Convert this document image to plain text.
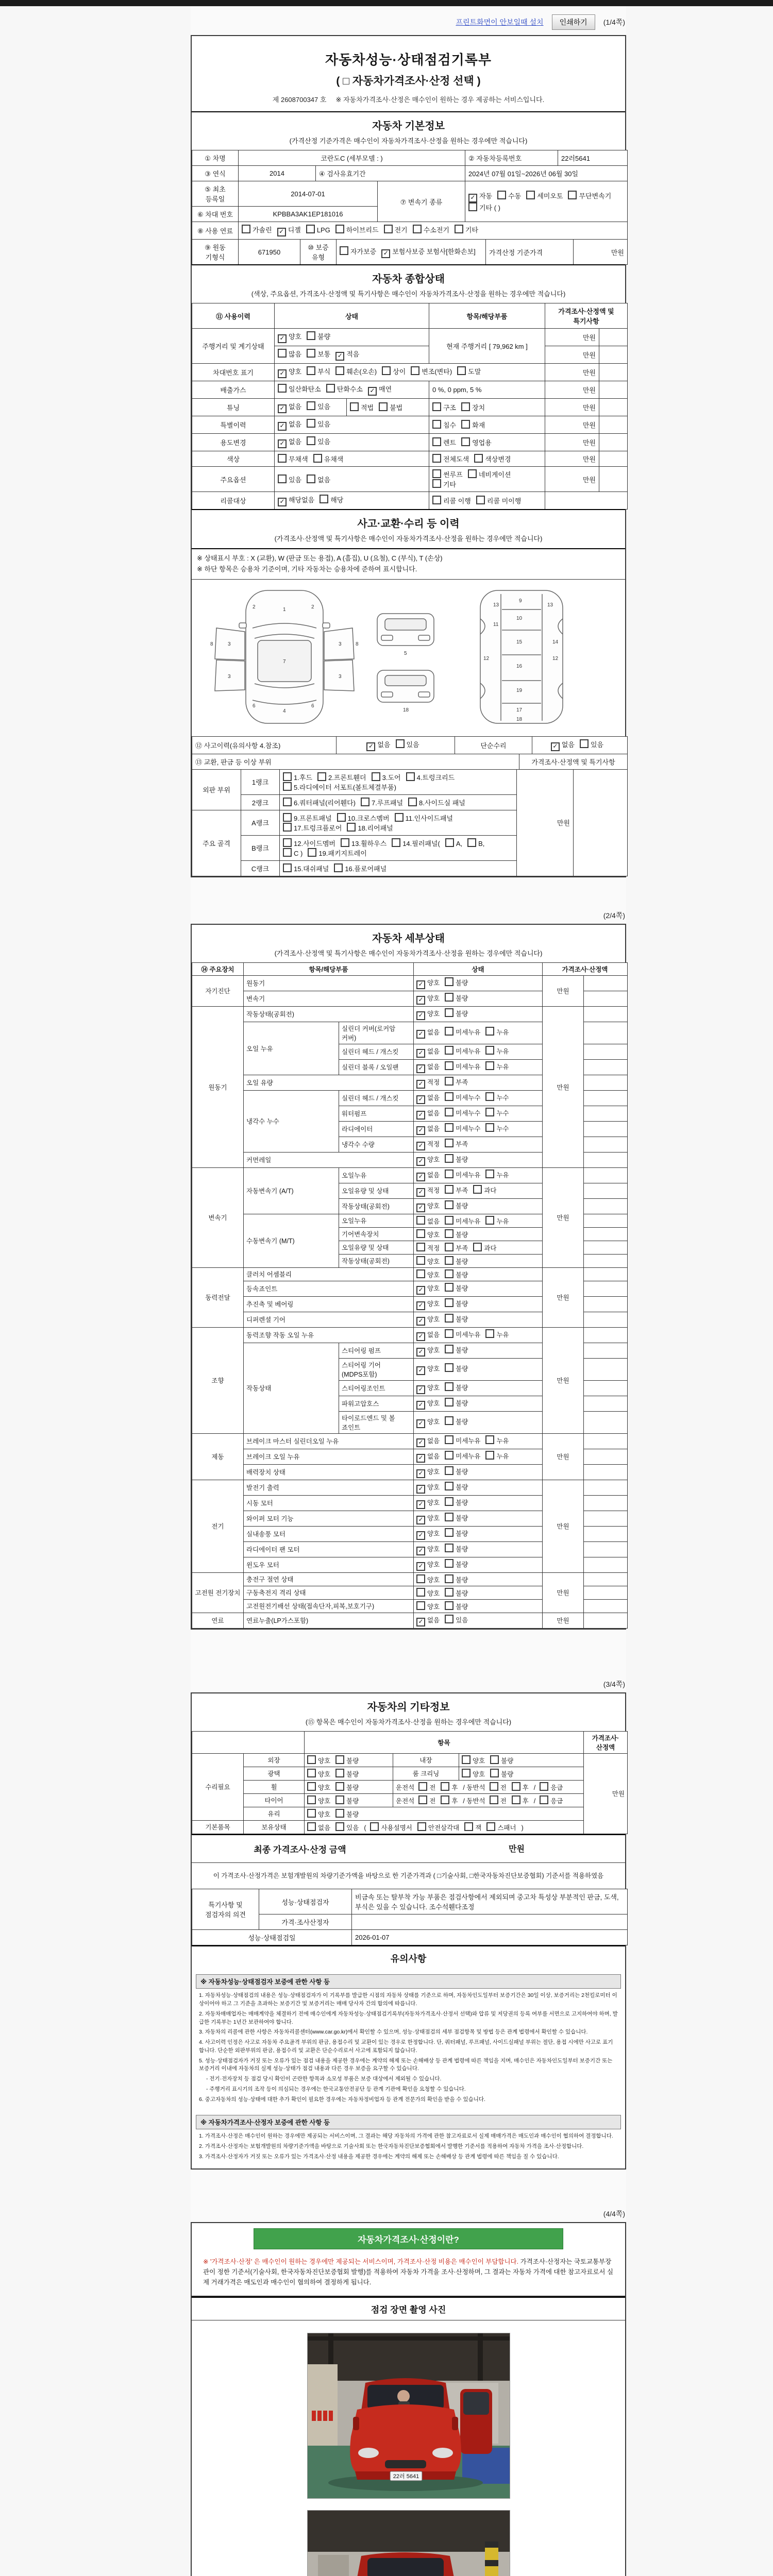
프린트화면이 안보일때 설치	인쇄하기	(1/4쪽)
자동차성능·상태점검기록부
( □ 자동차가격조사·산정 선택 )
제 2608700347 호 ※ 자동차가격조사·산정은 매수인이 원하는 경우 제공하는 서비스입니다.
자동차 기본정보
(가격산정 기준가격은 매수인이 자동차가격조사·산정을 원하는 경우에만 적습니다)
① 차명	코란도C (세부모델 : )	② 자동차등록번호	22러5641
③ 연식	2014	④ 검사유효기간	2024년 07월 01일~2026년 06월 30일
⑤ 최초 등록일	2014-07-01	⑦ 변속기 종류	✓ 자동 수동 세미오토 무단변속기기타 ( )
⑥ 차대 번호	KPBBA3AK1EP181016		
⑧ 사용 연료	가솔린 ✓ 디젤 LPG 하이브리드 전기 수소전기 기타
⑨ 원동 기형식	671950	⑩ 보증 유형	자가보증 ✓ 보험사보증 보험사[한화손보]	가격산정 기준가격	만원
자동차 종합상태
(색상, 주요옵션, 가격조사·산정액 및 특기사항은 매수인이 자동차가격조사·산정을 원하는 경우에만 적습니다)
⑪ 사용이력	상태		항목/해당부품	가격조사·산정액 및 특기사항	
주행거리 및 계기상태	✓ 양호 불량		현재 주행거리 [ 79,962 km ]	만원	
	많음 보통 ✓ 적음			만원	
차대번호 표기	✓ 양호 부식 훼손(오손) 상이 변조(변타) 도말			만원	
배출가스	일산화탄소 탄화수소 ✓ 매연		0 %, 0 ppm, 5 %	만원	
튜닝	✓ 없음 있음	적법 불법	구조 장치	만원	
특별이력	✓ 없음 있음		침수 화재	만원	
용도변경	✓ 없음 있음		렌트 영업용	만원	
색상	무채색 유채색		전체도색 색상변경	만원	
주요옵션	있음 없음		썬루프 네비게이션기타	만원	
리콜대상	✓ 해당없음 해당		리콜 이행 리콜 미이행		
사고·교환·수리 등 이력
(가격조사·산정액 및 특기사항은 매수인이 자동차가격조사·산정을 원하는 경우에만 적습니다)
※ 상태표시 부호 : X (교환), W (판금 또는 용접), A (흠집), U (요철), C (부식), T (손상)
※ 하단 항목은 승용차 기준이며, 기타 자동차는 승용차에 준하여 표시합니다.
1
7
4
2	2
3	3
3	3
6	6
8	8
5
18
9
10
11
12	12
13	13
15
16
14
19
17
18
⑫ 사고이력(유의사항 4.참조)	✓ 없음 있음	단순수리	✓ 없음 있음
⑬ 교환, 판금 등 이상 부위	가격조사·산정액 및 특기사항
외판 부위	1랭크	1.후드 2.프론트휀더 3.도어 4.트렁크리드5.라디에이터 서포트(볼트체결부품)	만원	
	2랭크	6.쿼터패널(리어휀다) 7.루프패널 8.사이드실 패널		
주요 골격	A랭크	9.프론트패널 10.크로스멤버 11.인사이드패널17.트렁크플로어 18.리어패널		
	B랭크	12.사이드멤버 13.휠하우스 14.필러패널( A, B,C ) 19.패키지트레이		
	C랭크	15.대쉬패널 16.플로어패널		
(2/4쪽)
자동차 세부상태
(가격조사·산정액 및 특기사항은 매수인이 자동차가격조사·산정을 원하는 경우에만 적습니다)
⑭ 주요장치	항목/해당부품		상태	가격조사·산정액	
자기진단	원동기		✓ 양호 불량	만원	
	변속기		✓ 양호 불량		
원동기	작동상태(공회전)		✓ 양호 불량	만원	
	오일 누유	실린더 커버(로커암 커버)	✓ 없음 미세누유 누유		
		실린더 헤드 / 개스킷	✓ 없음 미세누유 누유		
		실린더 블록 / 오일팬	✓ 없음 미세누유 누유		
	오일 유량		✓ 적정 부족		
	냉각수 누수	실린더 헤드 / 개스킷	✓ 없음 미세누수 누수		
		워터펌프	✓ 없음 미세누수 누수		
		라디에이터	✓ 없음 미세누수 누수		
		냉각수 수량	✓ 적정 부족		
	커먼레일		✓ 양호 불량		
변속기	자동변속기 (A/T)	오일누유	✓ 없음 미세누유 누유	만원	
		오일유량 및 상태	✓ 적정 부족 과다		
		작동상태(공회전)	✓ 양호 불량		
	수동변속기 (M/T)	오일누유	없음 미세누유 누유		
		기어변속장치	양호 불량		
		오일유량 및 상태	적정 부족 과다		
		작동상태(공회전)	양호 불량		
동력전달	클러치 어셈블리		양호 불량	만원	
	등속죠인트		✓ 양호 불량		
	추진축 및 베어링		✓ 양호 불량		
	디퍼렌셜 기어		✓ 양호 불량		
조향	동력조향 작동 오일 누유		✓ 없음 미세누유 누유	만원	
	작동상태	스티어링 펌프	✓ 양호 불량		
		스티어링 기어(MDPS포함)	✓ 양호 불량		
		스티어링조인트	✓ 양호 불량		
		파워고압호스	✓ 양호 불량		
		타이로드엔드 및 볼 죠인트	✓ 양호 불량		
제동	브레이크 마스터 실린더오일 누유		✓ 없음 미세누유 누유	만원	
	브레이크 오일 누유		✓ 없음 미세누유 누유		
	배력장치 상태		✓ 양호 불량		
전기	발전기 출력		✓ 양호 불량	만원	
	시동 모터		✓ 양호 불량		
	와이퍼 모터 기능		✓ 양호 불량		
	실내송풍 모터		✓ 양호 불량		
	라디에이터 팬 모터		✓ 양호 불량		
	윈도우 모터		✓ 양호 불량		
고전원 전기장치	충전구 절연 상태		양호 불량	만원	
	구동축전지 격리 상태		양호 불량		
	고전원전기배선 상태(접속단자,피복,보호기구)		양호 불량		
연료	연료누출(LP가스포함)		✓ 없음 있음	만원	
(3/4쪽)
자동차의 기타정보
(⑮ 항목은 매수인이 자동차가격조사·산정을 원하는 경우에만 적습니다)
		항목			가격조사·산정액
수리필요	외장	양호 불량	내장	양호 불량	만원
	광택	양호 불량	룸 크리닝	양호 불량	
	휠	양호 불량	운전석 전 후 / 동반석 전 후 / 응급		
	타이어	양호 불량	운전석 전 후 / 동반석 전 후 / 응급		
	유리	양호 불량			
기본품목	보유상태	없음 있음 ( 사용설명서 안전삼각대 잭 스패너 )			
최종 가격조사·산정 금액	만원
이 가격조사·산정가격은 보험개발원의 차량기준가액을 바탕으로 한 기준가격과 ( □기술사회, □한국자동차진단보증협회) 기준서를 적용하였음
특기사항 및 점검자의 의견	성능·상태점검자	비금속 또는 탈부착 가능 부품은 점검사항에서 제외되며 중고차 특성상 부분적인 판금, 도색, 부식은 있을 수 있습니다. 조수석휀다조정
	가격·조사산정자	
성능·상태점검일	2026-01-07
유의사항
※ 자동차성능·상태점검자 보증에 관한 사항 등
1. 자동차성능·상태점검의 내용은 성능·상태점검자가 이 기록부를 발급한 시점의 자동차 상태를 기준으로 하며, 자동차인도일부터 보증기간은 30일 이상, 보증거리는 2천킬로미터 이상이어야 하고 그 기준을 초과하는 보증기간 및 보증거리는 매매 당사자 간의 합의에 따릅니다.
2. 자동차매매업자는 매매계약을 체결하기 전에 매수인에게 자동차성능·상태점검기록부(자동차가격조사·산정서 선택)와 압류 및 저당권의 등록 여부를 서면으로 고지하여야 하며, 발급한 기록부는 1년간 보관하여야 합니다.
3. 자동차의 리콜에 관한 사항은 자동차리콜센터(www.car.go.kr)에서 확인할 수 있으며, 성능·상태점검의 세부 점검항목 및 방법 등은 관계 법령에서 확인할 수 있습니다.
4. 사고이력 인정은 사고로 자동차 주요골격 부위의 판금, 용접수리 및 교환이 있는 경우로 한정합니다. 단, 쿼터패널, 루프패널, 사이드실패널 부위는 절단, 용접 시에만 사고로 표기합니다. 단순한 외판부위의 판금, 용접수리 및 교환은 단순수리로서 사고에 포함되지 않습니다.
5. 성능·상태점검자가 거짓 또는 오류가 있는 점검 내용을 제공한 경우에는 계약의 해제 또는 손해배상 등 관계 법령에 따른 책임을 지며, 매수인은 자동차인도일부터 보증기간 또는 보증거리 이내에 자동차의 실제 성능·상태가 점검 내용과 다른 경우 보증을 요구할 수 있습니다.
- 전기·전자장치 등 점검 당시 확인이 곤란한 항목과 소모성 부품은 보증 대상에서 제외될 수 있습니다.
- 주행거리 표시기의 조작 등이 의심되는 경우에는 한국교통안전공단 등 관계 기관에 확인을 요청할 수 있습니다.
6. 중고자동차의 성능·상태에 대한 추가 확인이 필요한 경우에는 자동차정비업자 등 관계 전문가의 확인을 받을 수 있습니다.
※ 자동차가격조사·산정자 보증에 관한 사항 등
1. 가격조사·산정은 매수인이 원하는 경우에만 제공되는 서비스이며, 그 결과는 해당 자동차의 가격에 관한 참고자료로서 실제 매매가격은 매도인과 매수인이 협의하여 결정합니다.
2. 가격조사·산정자는 보험개발원의 차량기준가액을 바탕으로 기술사회 또는 한국자동차진단보증협회에서 발행한 기준서를 적용하여 자동차 가격을 조사·산정합니다.
3. 가격조사·산정자가 거짓 또는 오류가 있는 가격조사·산정 내용을 제공한 경우에는 계약의 해제 또는 손해배상 등 관계 법령에 따른 책임을 질 수 있습니다.
(4/4쪽)
자동차가격조사·산정이란?
※ '가격조사·산정' 은 매수인이 원하는 경우에만 제공되는 서비스이며, 가격조사·산정 비용은 매수인이 부담합니다. 가격조사·산정자는 국토교통부장관이 정한 기준서(기술사회, 한국자동차진단보증협회 발행)를 적용하여 자동차 가격을 조사·산정하며, 그 결과는 자동차 가격에 대한 참고자료로서 실제 거래가격은 매도인과 매수인이 협의하여 결정하게 됩니다.
점검 장면 촬영 사진
22러 5641
